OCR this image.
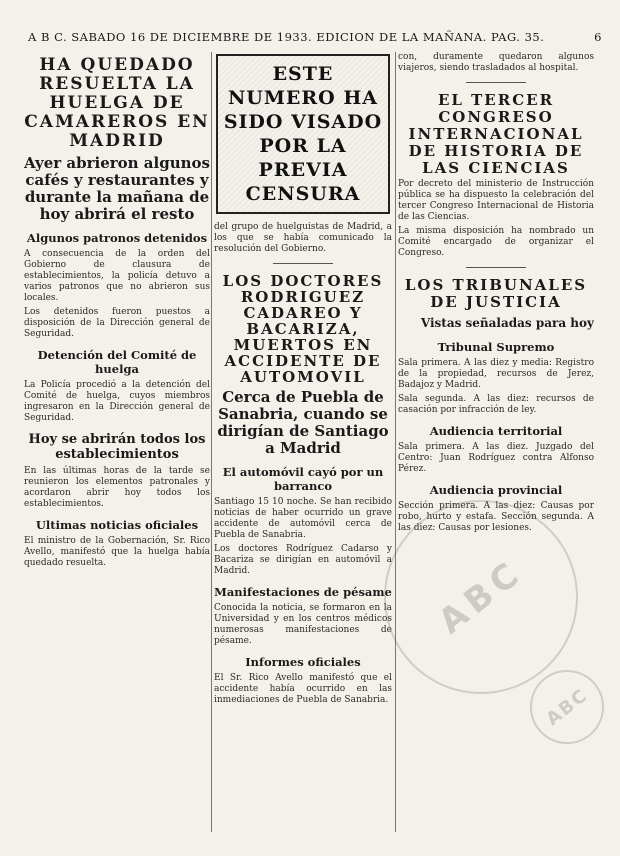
A B C. SABADO 16 DE DICIEMBRE DE 1933. EDICION DE LA MAÑANA. PAG. 35.	6
HA QUEDADO RESUELTA LA HUELGA DE CAMAREROS EN MADRID
Ayer abrieron algunos cafés y restaurantes y durante la mañana de hoy abrirá el resto
Algunos patronos detenidos

A consecuencia de la orden del Gobierno de clausura de establecimientos, la policía detuvo a varios patronos que no abrieron sus locales.

Los detenidos fueron puestos a disposición de la Dirección general de Seguridad.

Detención del Comité de huelga

La Policía procedió a la detención del Comité de huelga, cuyos miembros ingresaron en la Dirección general de Seguridad.

Hoy se abrirán todos los establecimientos

En las últimas horas de la tarde se reunieron los elementos patronales y acordaron abrir hoy todos los establecimientos.

Ultimas noticias oficiales

El ministro de la Gobernación, Sr. Rico Avello, manifestó que la huelga había quedado resuelta.

ESTE NUMERO HA SIDO VISADO POR LA PREVIA CENSURA

del grupo de huelguistas de Madrid, a los que se había comunicado la resolución del Gobierno.

LOS DOCTORES RODRIGUEZ CADAREO Y BACARIZA, MUERTOS EN ACCIDENTE DE AUTOMOVIL
Cerca de Puebla de Sanabria, cuando se dirigían de Santiago a Madrid
El automóvil cayó por un barranco

Santiago 15 10 noche. Se han recibido noticias de haber ocurrido un grave accidente de automóvil cerca de Puebla de Sanabria.

Los doctores Rodríguez Cadarso y Bacariza se dirigían en automóvil a Madrid.

Manifestaciones de pésame

Conocida la noticia, se formaron en la Universidad y en los centros médicos numerosas manifestaciones de pésame.

Informes oficiales

El Sr. Rico Avello manifestó que el accidente había ocurrido en las inmediaciones de Puebla de Sanabria.

con, duramente quedaron algunos viajeros, siendo trasladados al hospital.

EL TERCER CONGRESO INTERNACIONAL DE HISTORIA DE LAS CIENCIAS

Por decreto del ministerio de Instrucción pública se ha dispuesto la celebración del tercer Congreso Internacional de Historia de las Ciencias.

La misma disposición ha nombrado un Comité encargado de organizar el Congreso.

LOS TRIBUNALES DE JUSTICIA
Vistas señaladas para hoy
Tribunal Supremo

Sala primera. A las diez y media: Registro de la propiedad, recursos de Jerez, Badajoz y Madrid.

Sala segunda. A las diez: recursos de casación por infracción de ley.

Audiencia territorial

Sala primera. A las diez. Juzgado del Centro: Juan Rodríguez contra Alfonso Pérez.

Audiencia provincial

Sección primera. A las diez: Causas por robo, hurto y estafa. Sección segunda. A las diez: Causas por lesiones.

ABC
ABC
